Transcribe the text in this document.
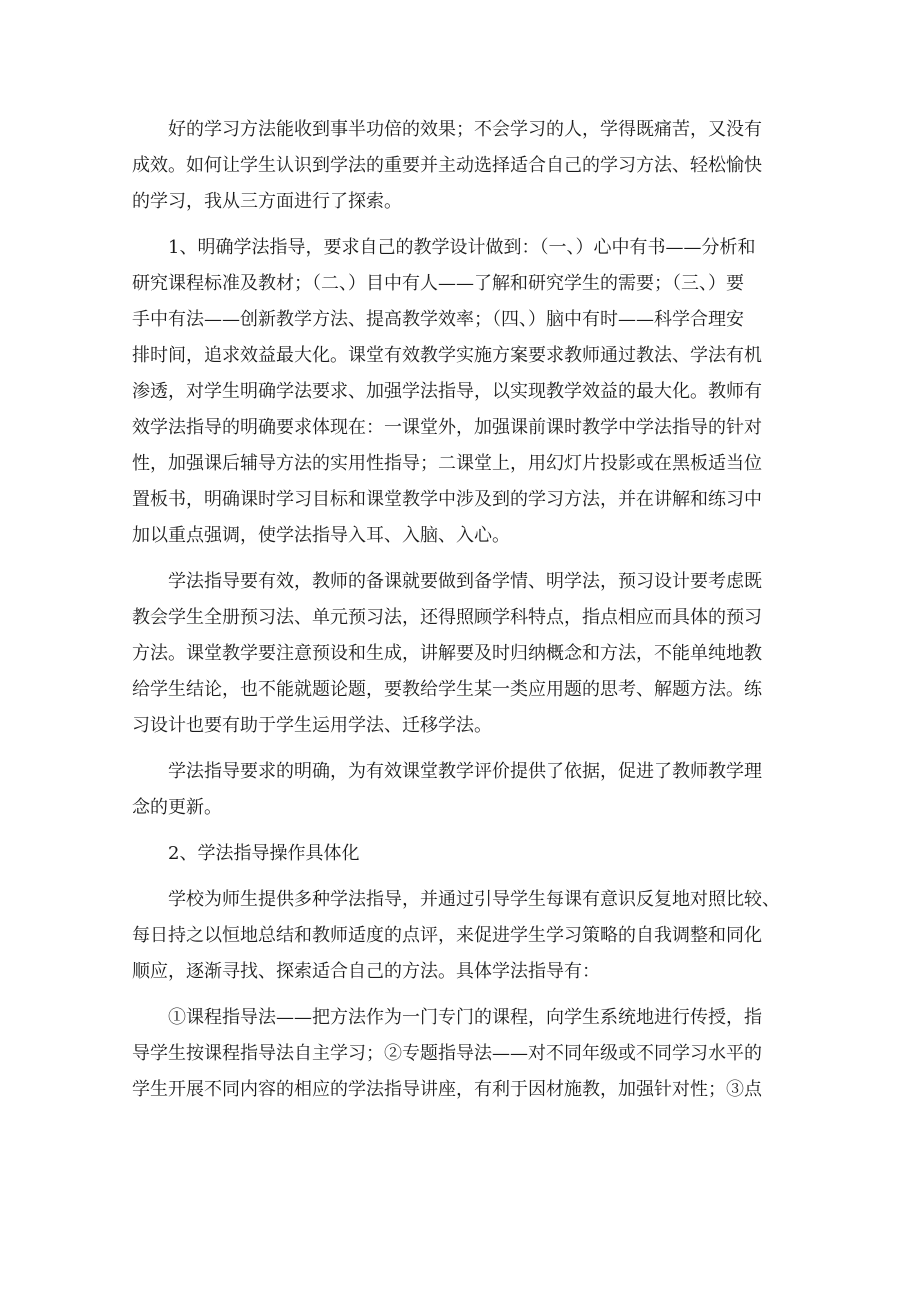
好的学习方法能收到事半功倍的效果；不会学习的人，学得既痛苦，又没有
成效。如何让学生认识到学法的重要并主动选择适合自己的学习方法、轻松愉快
的学习，我从三方面进行了探索。
1、明确学法指导，要求自己的教学设计做到：（一、）心中有书——分析和
研究课程标准及教材；（二、）目中有人——了解和研究学生的需要；（三、）要
手中有法——创新教学方法、提高教学效率；（四、）脑中有时——科学合理安
排时间，追求效益最大化。课堂有效教学实施方案要求教师通过教法、学法有机
渗透，对学生明确学法要求、加强学法指导，以实现教学效益的最大化。教师有
效学法指导的明确要求体现在：一课堂外，加强课前课时教学中学法指导的针对
性，加强课后辅导方法的实用性指导；二课堂上，用幻灯片投影或在黑板适当位
置板书，明确课时学习目标和课堂教学中涉及到的学习方法，并在讲解和练习中
加以重点强调，使学法指导入耳、入脑、入心。
学法指导要有效，教师的备课就要做到备学情、明学法，预习设计要考虑既
教会学生全册预习法、单元预习法，还得照顾学科特点，指点相应而具体的预习
方法。课堂教学要注意预设和生成，讲解要及时归纳概念和方法，不能单纯地教
给学生结论，也不能就题论题，要教给学生某一类应用题的思考、解题方法。练
习设计也要有助于学生运用学法、迁移学法。
学法指导要求的明确，为有效课堂教学评价提供了依据，促进了教师教学理
念的更新。
2、学法指导操作具体化
学校为师生提供多种学法指导，并通过引导学生每课有意识反复地对照比较、
每日持之以恒地总结和教师适度的点评，来促进学生学习策略的自我调整和同化
顺应，逐渐寻找、探索适合自己的方法。具体学法指导有：
①课程指导法——把方法作为一门专门的课程，向学生系统地进行传授，指
导学生按课程指导法自主学习；②专题指导法——对不同年级或不同学习水平的
学生开展不同内容的相应的学法指导讲座，有利于因材施教，加强针对性；③点
